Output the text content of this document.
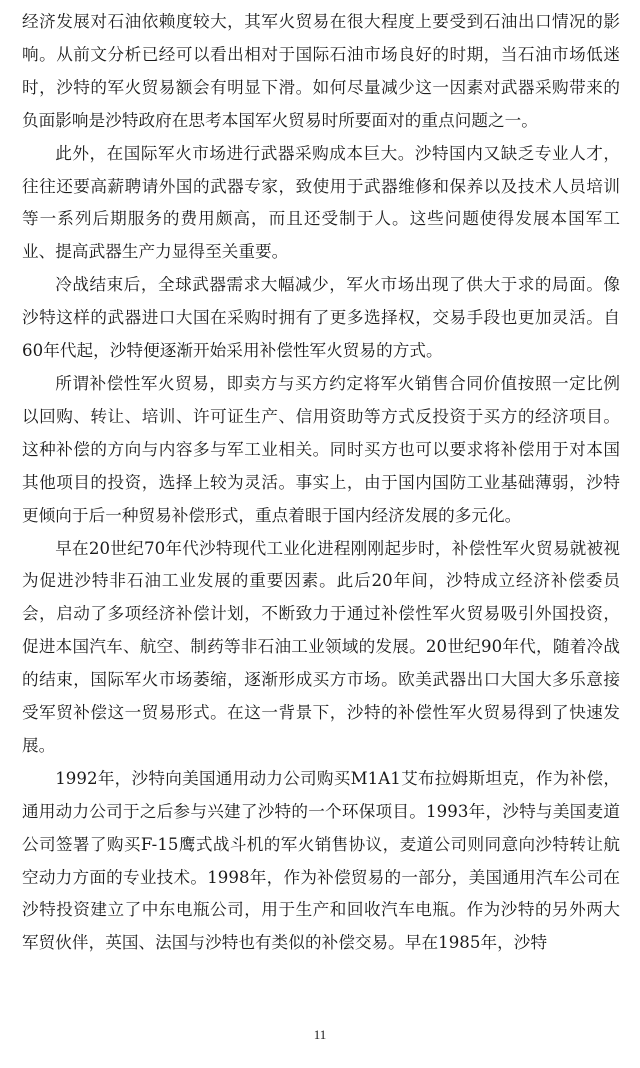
经济发展对石油依赖度较大，其军火贸易在很大程度上要受到石油出口情况的影响。从前文分析已经可以看出相对于国际石油市场良好的时期，当石油市场低迷时，沙特的军火贸易额会有明显下滑。如何尽量减少这一因素对武器采购带来的负面影响是沙特政府在思考本国军火贸易时所要面对的重点问题之一。

此外，在国际军火市场进行武器采购成本巨大。沙特国内又缺乏专业人才，往往还要高薪聘请外国的武器专家，致使用于武器维修和保养以及技术人员培训等一系列后期服务的费用颇高，而且还受制于人。这些问题使得发展本国军工业、提高武器生产力显得至关重要。

冷战结束后，全球武器需求大幅减少，军火市场出现了供大于求的局面。像沙特这样的武器进口大国在采购时拥有了更多选择权，交易手段也更加灵活。自60年代起，沙特便逐渐开始采用补偿性军火贸易的方式。

所谓补偿性军火贸易，即卖方与买方约定将军火销售合同价值按照一定比例以回购、转让、培训、许可证生产、信用资助等方式反投资于买方的经济项目。这种补偿的方向与内容多与军工业相关。同时买方也可以要求将补偿用于对本国其他项目的投资，选择上较为灵活。事实上，由于国内国防工业基础薄弱，沙特更倾向于后一种贸易补偿形式，重点着眼于国内经济发展的多元化。

早在20世纪70年代沙特现代工业化进程刚刚起步时，补偿性军火贸易就被视为促进沙特非石油工业发展的重要因素。此后20年间，沙特成立经济补偿委员会，启动了多项经济补偿计划，不断致力于通过补偿性军火贸易吸引外国投资，促进本国汽车、航空、制药等非石油工业领域的发展。20世纪90年代，随着冷战的结束，国际军火市场萎缩，逐渐形成买方市场。欧美武器出口大国大多乐意接受军贸补偿这一贸易形式。在这一背景下，沙特的补偿性军火贸易得到了快速发展。

1992年，沙特向美国通用动力公司购买M1A1艾布拉姆斯坦克，作为补偿，通用动力公司于之后参与兴建了沙特的一个环保项目。1993年，沙特与美国麦道公司签署了购买F-15鹰式战斗机的军火销售协议，麦道公司则同意向沙特转让航空动力方面的专业技术。1998年，作为补偿贸易的一部分，美国通用汽车公司在沙特投资建立了中东电瓶公司，用于生产和回收汽车电瓶。作为沙特的另外两大军贸伙伴，英国、法国与沙特也有类似的补偿交易。早在1985年，沙特

11
